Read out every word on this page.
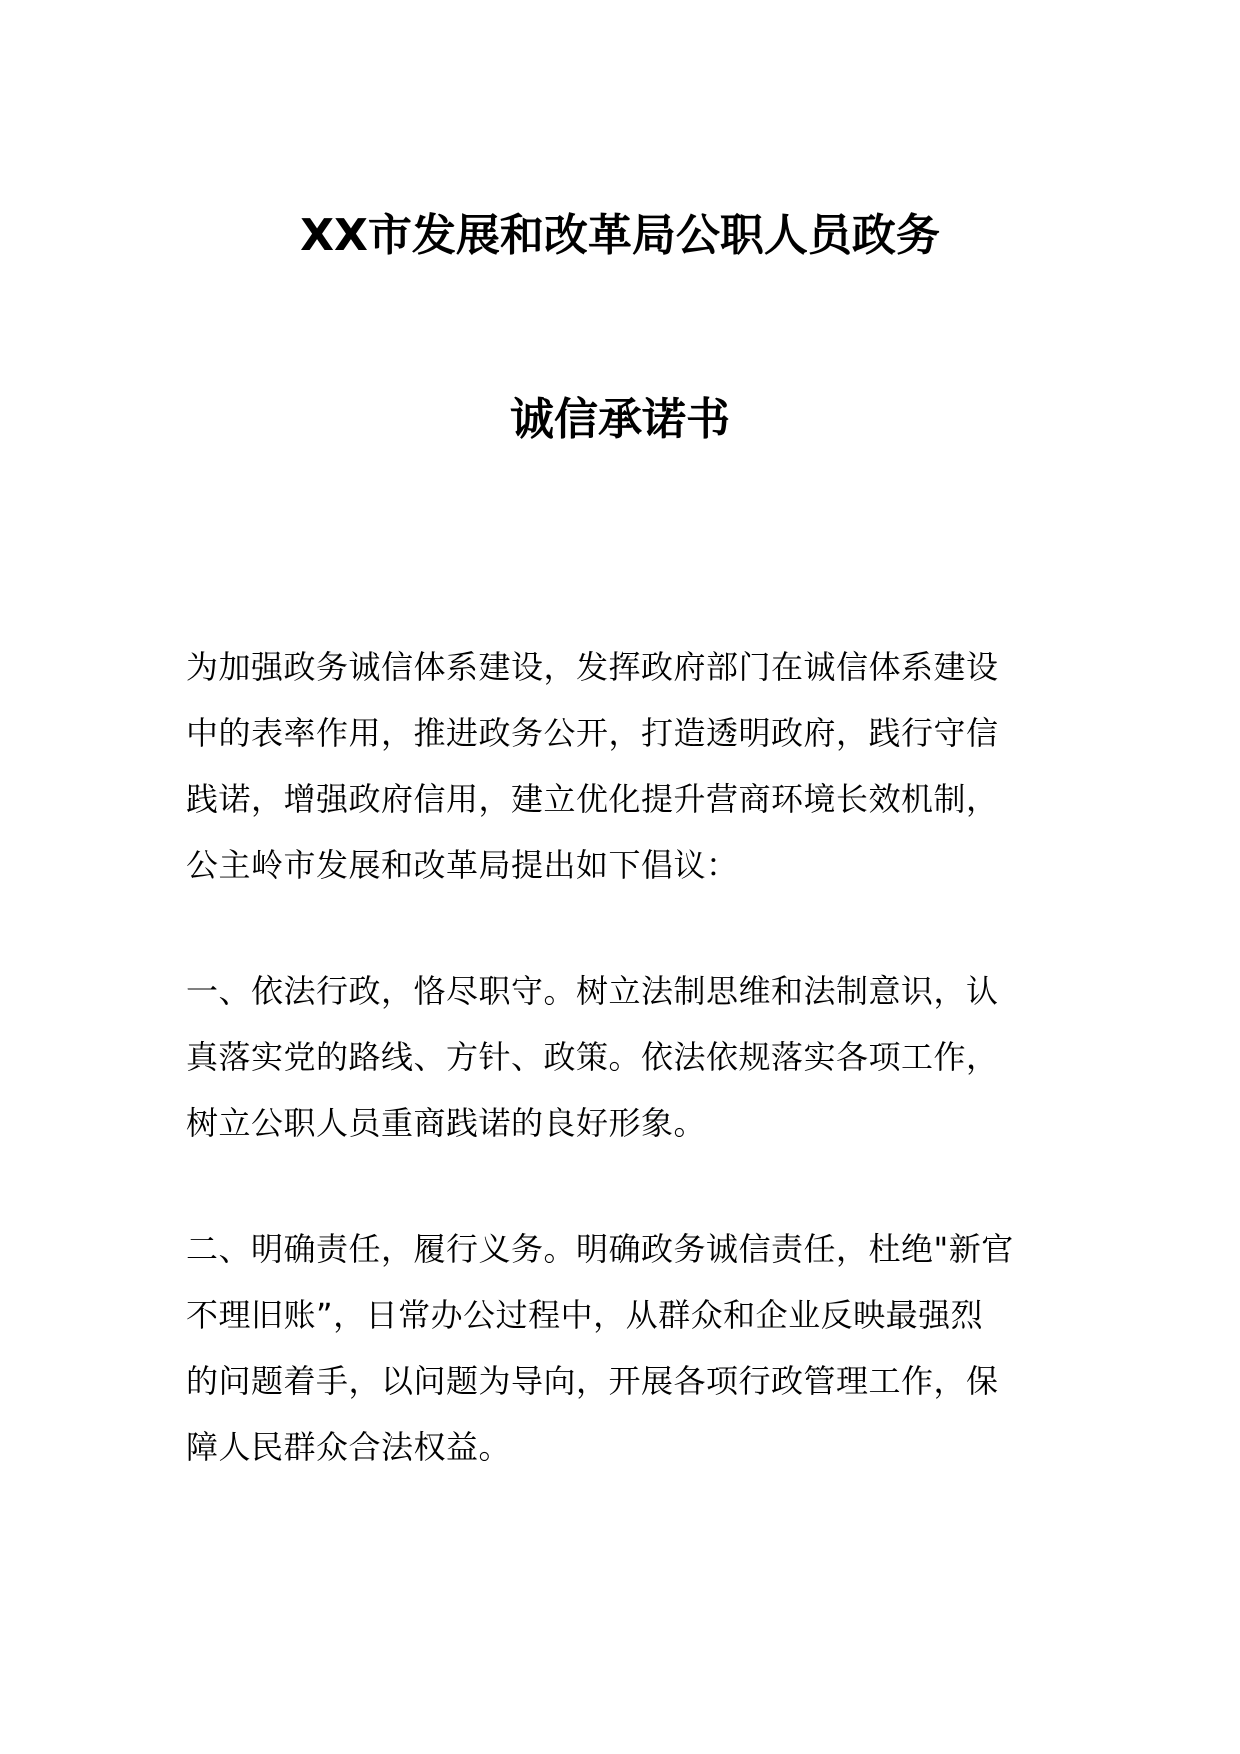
XX市发展和改革局公职人员政务
诚信承诺书
为加强政务诚信体系建设，发挥政府部门在诚信体系建设
中的表率作用，推进政务公开，打造透明政府，践行守信
践诺，增强政府信用，建立优化提升营商环境长效机制，
公主岭市发展和改革局提出如下倡议：
一、依法行政，恪尽职守。树立法制思维和法制意识，认
真落实党的路线、方针、政策。依法依规落实各项工作，
树立公职人员重商践诺的良好形象。
二、明确责任，履行义务。明确政务诚信责任，杜绝"新官
不理旧账”，日常办公过程中，从群众和企业反映最强烈
的问题着手，以问题为导向，开展各项行政管理工作，保
障人民群众合法权益。
